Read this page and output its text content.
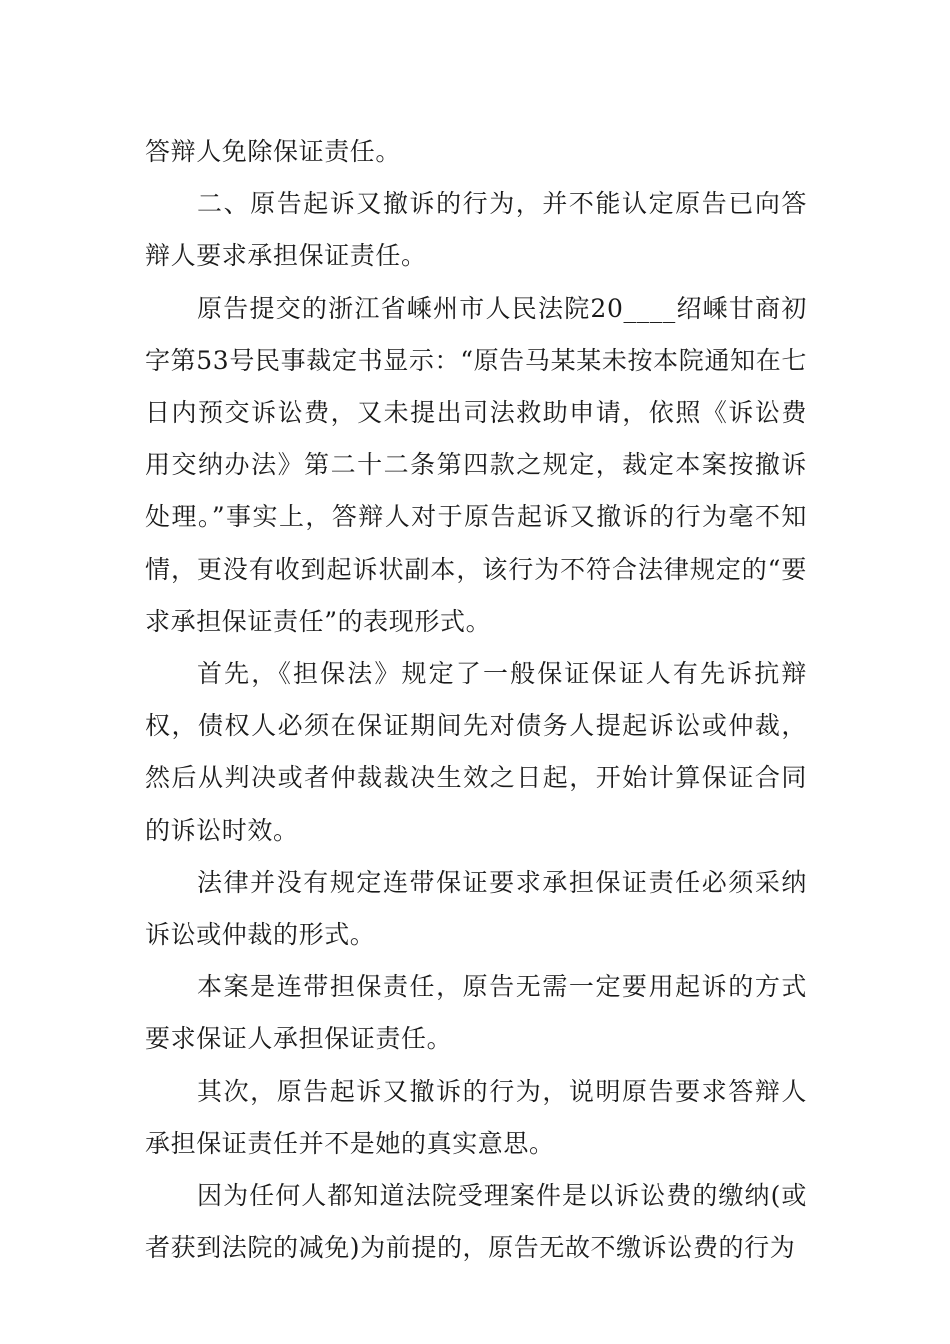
答辩人免除保证责任。

二、原告起诉又撤诉的行为，并不能认定原告已向答辩人要求承担保证责任。

原告提交的浙江省嵊州市人民法院20____绍嵊甘商初字第53号民事裁定书显示：“原告马某某未按本院通知在七日内预交诉讼费，又未提出司法救助申请，依照《诉讼费用交纳办法》第二十二条第四款之规定，裁定本案按撤诉处理。”事实上，答辩人对于原告起诉又撤诉的行为毫不知情，更没有收到起诉状副本，该行为不符合法律规定的“要求承担保证责任”的表现形式。

首先，《担保法》规定了一般保证保证人有先诉抗辩权，债权人必须在保证期间先对债务人提起诉讼或仲裁，然后从判决或者仲裁裁决生效之日起，开始计算保证合同的诉讼时效。

法律并没有规定连带保证要求承担保证责任必须采纳诉讼或仲裁的形式。

本案是连带担保责任，原告无需一定要用起诉的方式要求保证人承担保证责任。

其次，原告起诉又撤诉的行为，说明原告要求答辩人承担保证责任并不是她的真实意思。

因为任何人都知道法院受理案件是以诉讼费的缴纳(或者获到法院的减免)为前提的，原告无故不缴诉讼费的行为
